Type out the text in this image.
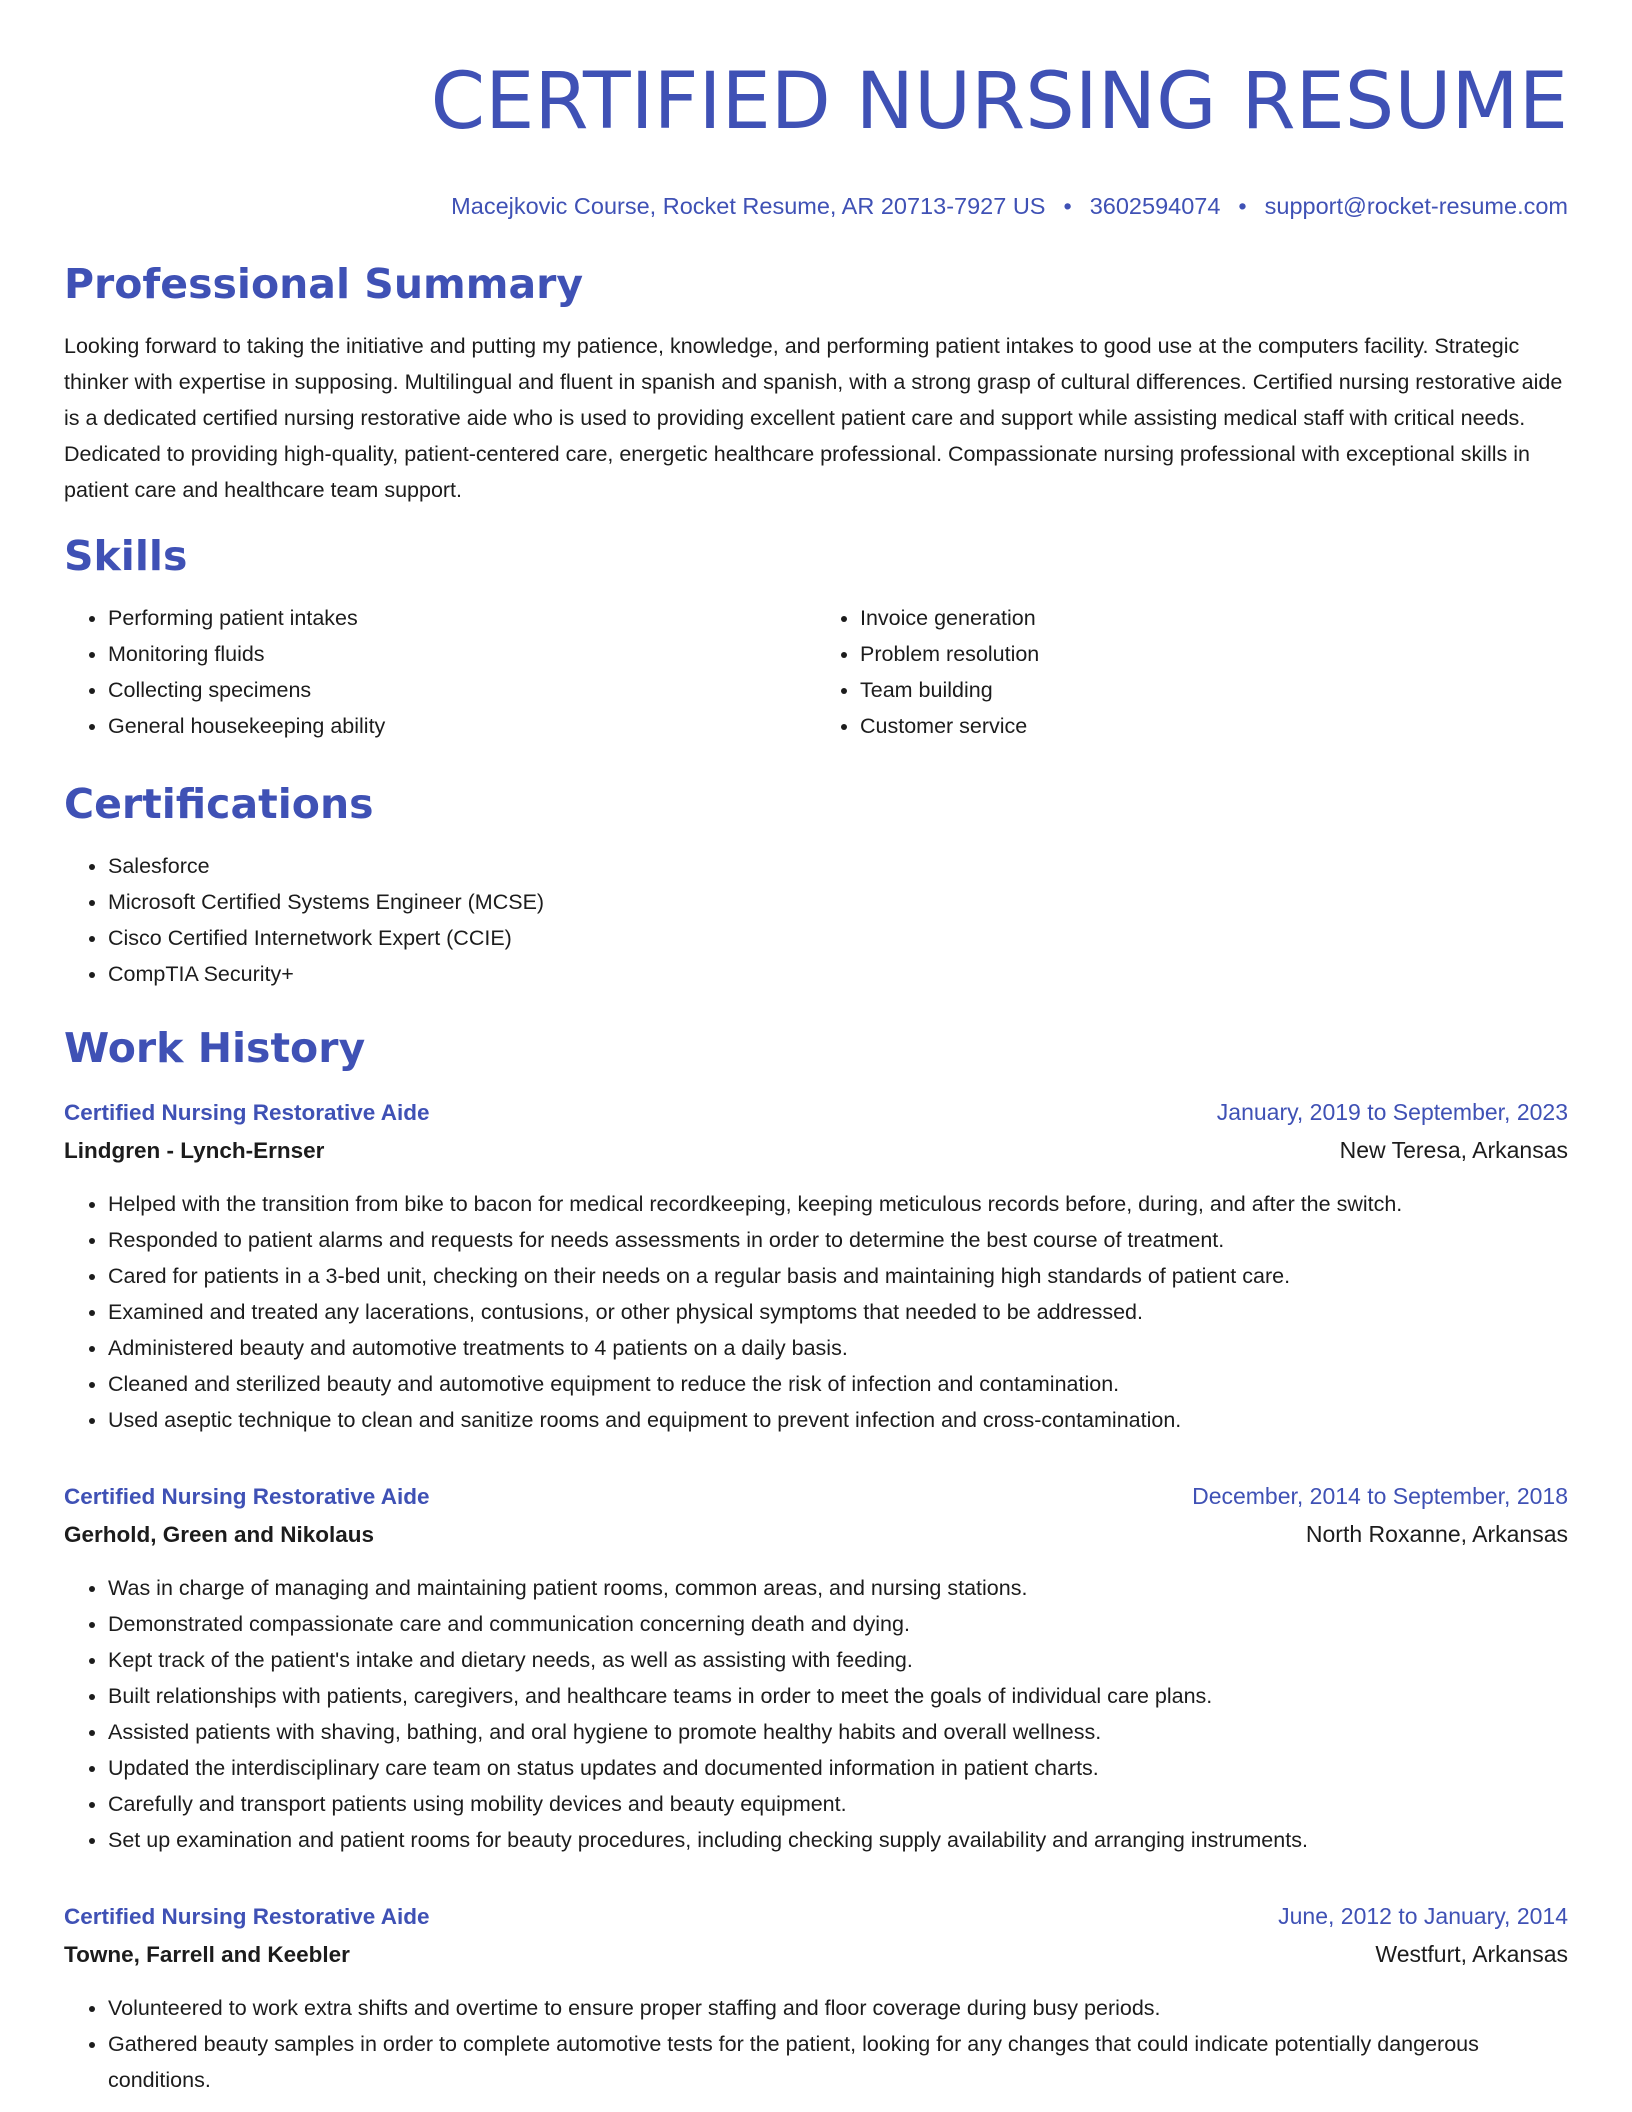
CERTIFIED NURSING RESUME
Macejkovic Course, Rocket Resume, AR 20713-7927 US • 3602594074 • support@rocket-resume.com
Professional Summary

Looking forward to taking the initiative and putting my patience, knowledge, and performing patient intakes to good use at the computers facility. Strategic thinker with expertise in supposing. Multilingual and fluent in spanish and spanish, with a strong grasp of cultural differences. Certified nursing restorative aide is a dedicated certified nursing restorative aide who is used to providing excellent patient care and support while assisting medical staff with critical needs. Dedicated to providing high-quality, patient-centered care, energetic healthcare professional. Compassionate nursing professional with exceptional skills in patient care and healthcare team support.

Skills
• Performing patient intakes
• Monitoring fluids
• Collecting specimens
• General housekeeping ability
• Invoice generation
• Problem resolution
• Team building
• Customer service
Certifications
• Salesforce
• Microsoft Certified Systems Engineer (MCSE)
• Cisco Certified Internetwork Expert (CCIE)
• CompTIA Security+
Work History
Certified Nursing Restorative Aide	January, 2019 to September, 2023
Lindgren - Lynch-Ernser	New Teresa, Arkansas
• Helped with the transition from bike to bacon for medical recordkeeping, keeping meticulous records before, during, and after the switch.
• Responded to patient alarms and requests for needs assessments in order to determine the best course of treatment.
• Cared for patients in a 3-bed unit, checking on their needs on a regular basis and maintaining high standards of patient care.
• Examined and treated any lacerations, contusions, or other physical symptoms that needed to be addressed.
• Administered beauty and automotive treatments to 4 patients on a daily basis.
• Cleaned and sterilized beauty and automotive equipment to reduce the risk of infection and contamination.
• Used aseptic technique to clean and sanitize rooms and equipment to prevent infection and cross-contamination.
Certified Nursing Restorative Aide	December, 2014 to September, 2018
Gerhold, Green and Nikolaus	North Roxanne, Arkansas
• Was in charge of managing and maintaining patient rooms, common areas, and nursing stations.
• Demonstrated compassionate care and communication concerning death and dying.
• Kept track of the patient's intake and dietary needs, as well as assisting with feeding.
• Built relationships with patients, caregivers, and healthcare teams in order to meet the goals of individual care plans.
• Assisted patients with shaving, bathing, and oral hygiene to promote healthy habits and overall wellness.
• Updated the interdisciplinary care team on status updates and documented information in patient charts.
• Carefully and transport patients using mobility devices and beauty equipment.
• Set up examination and patient rooms for beauty procedures, including checking supply availability and arranging instruments.
Certified Nursing Restorative Aide	June, 2012 to January, 2014
Towne, Farrell and Keebler	Westfurt, Arkansas
• Volunteered to work extra shifts and overtime to ensure proper staffing and floor coverage during busy periods.
• Gathered beauty samples in order to complete automotive tests for the patient, looking for any changes that could indicate potentially dangerous conditions.
